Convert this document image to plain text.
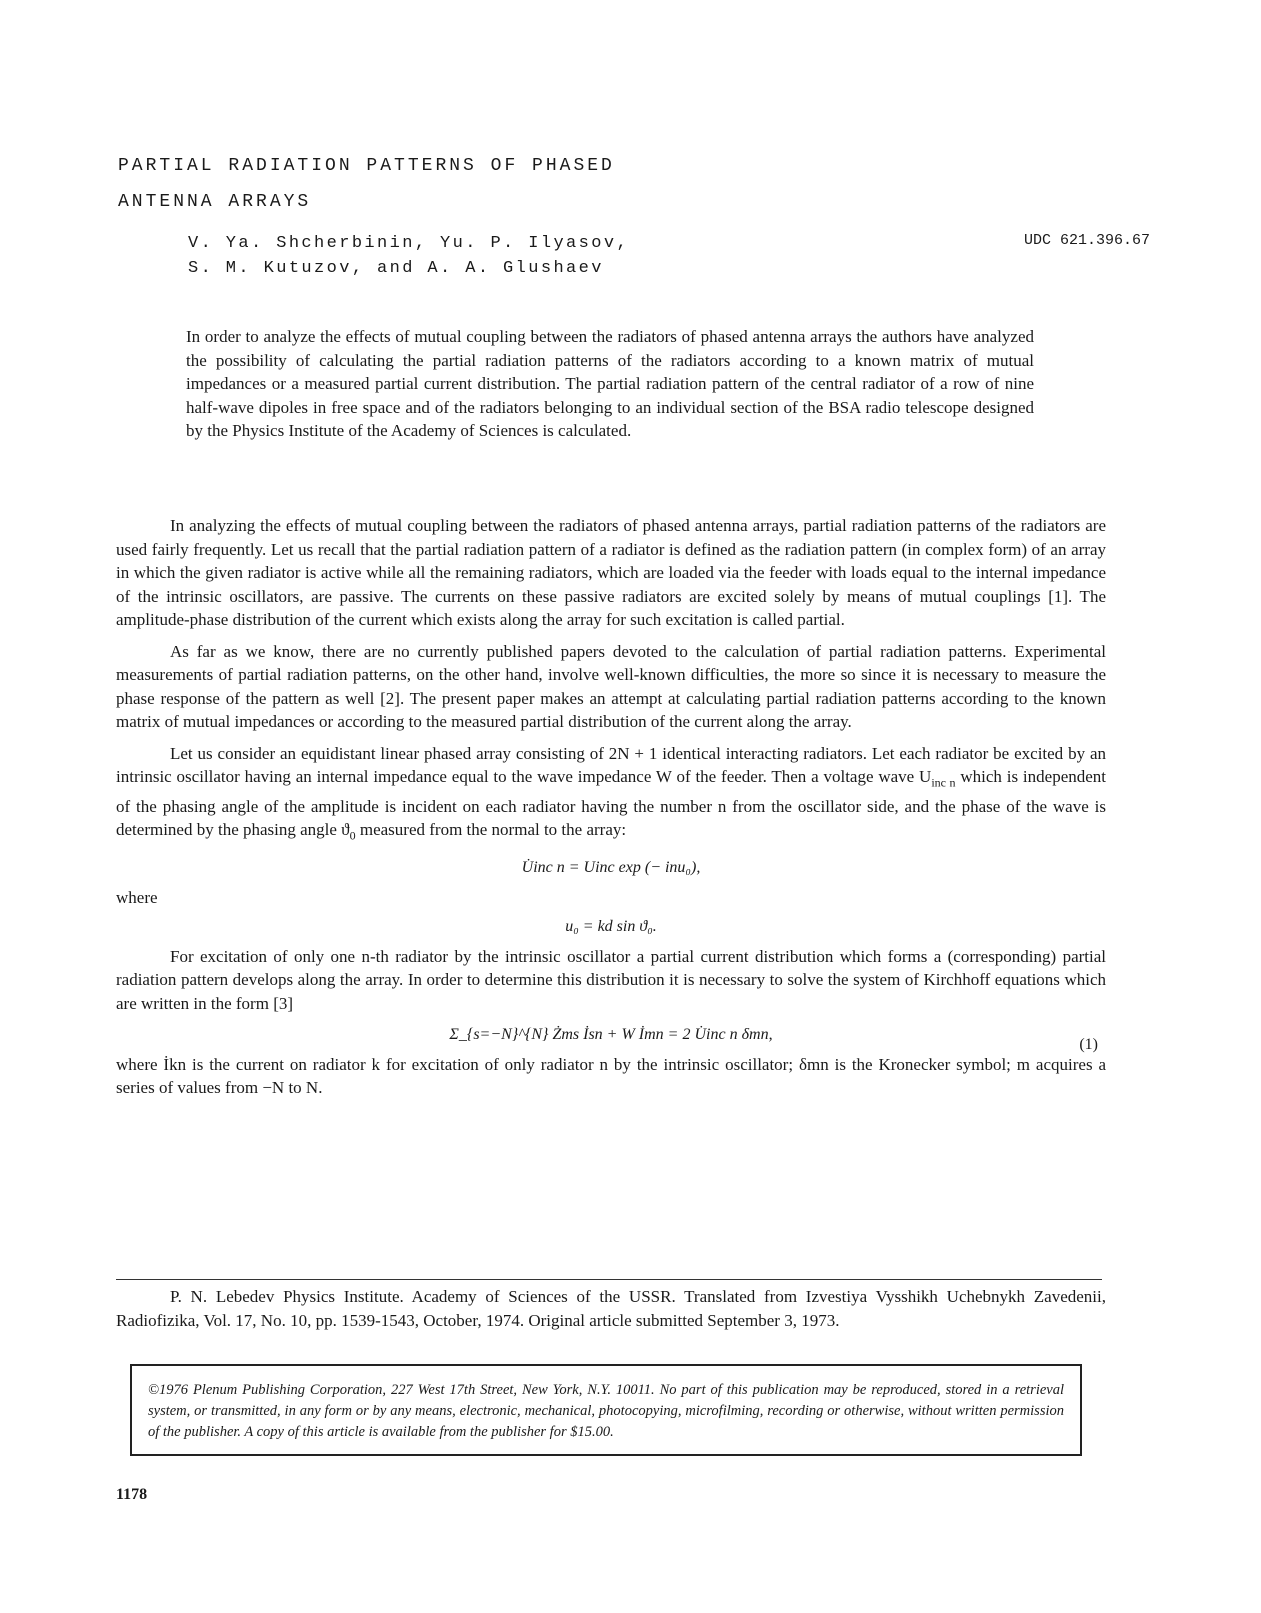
PARTIAL RADIATION PATTERNS OF PHASED
ANTENNA ARRAYS
V. Ya. Shcherbinin, Yu. P. Ilyasov,
S. M. Kutuzov, and A. A. Glushaev
UDC 621.396.67
In order to analyze the effects of mutual coupling between the radiators of phased antenna arrays the authors have analyzed the possibility of calculating the partial radiation patterns of the radiators according to a known matrix of mutual impedances or a measured partial current distribution. The partial radiation pattern of the central radiator of a row of nine half-wave dipoles in free space and of the radiators belonging to an individual section of the BSA radio telescope designed by the Physics Institute of the Academy of Sciences is calculated.

In analyzing the effects of mutual coupling between the radiators of phased antenna arrays, partial radiation patterns of the radiators are used fairly frequently. Let us recall that the partial radiation pattern of a radiator is defined as the radiation pattern (in complex form) of an array in which the given radiator is active while all the remaining radiators, which are loaded via the feeder with loads equal to the internal impedance of the intrinsic oscillators, are passive. The currents on these passive radiators are excited solely by means of mutual couplings [1]. The amplitude-phase distribution of the current which exists along the array for such excitation is called partial.

As far as we know, there are no currently published papers devoted to the calculation of partial radiation patterns. Experimental measurements of partial radiation patterns, on the other hand, involve well-known difficulties, the more so since it is necessary to measure the phase response of the pattern as well [2]. The present paper makes an attempt at calculating partial radiation patterns according to the known matrix of mutual impedances or according to the measured partial distribution of the current along the array.

Let us consider an equidistant linear phased array consisting of 2N + 1 identical interacting radiators. Let each radiator be excited by an intrinsic oscillator having an internal impedance equal to the wave impedance W of the feeder. Then a voltage wave $U_{inc n}$ which is independent of the phasing angle of the amplitude is incident on each radiator having the number n from the oscillator side, and the phase of the wave is determined by the phasing angle $ϑ_0$ measured from the normal to the array:

U̇inc n = Uinc exp (− inu₀),
where
u₀ = kd sin ϑ₀.

For excitation of only one n-th radiator by the intrinsic oscillator a partial current distribution which forms a (corresponding) partial radiation pattern develops along the array. In order to determine this distribution it is necessary to solve the system of Kirchhoff equations which are written in the form [3]

Σ_{s=−N}^{N} Żms İsn + W İmn = 2 U̇inc n δmn,
(1)

where İkn is the current on radiator k for excitation of only radiator n by the intrinsic oscillator; δmn is the Kronecker symbol; m acquires a series of values from −N to N.

P. N. Lebedev Physics Institute. Academy of Sciences of the USSR. Translated from Izvestiya Vysshikh Uchebnykh Zavedenii, Radiofizika, Vol. 17, No. 10, pp. 1539-1543, October, 1974. Original article submitted September 3, 1973.

©1976 Plenum Publishing Corporation, 227 West 17th Street, New York, N.Y. 10011. No part of this publication may be reproduced, stored in a retrieval system, or transmitted, in any form or by any means, electronic, mechanical, photocopying, microfilming, recording or otherwise, without written permission of the publisher. A copy of this article is available from the publisher for $15.00.
1178
